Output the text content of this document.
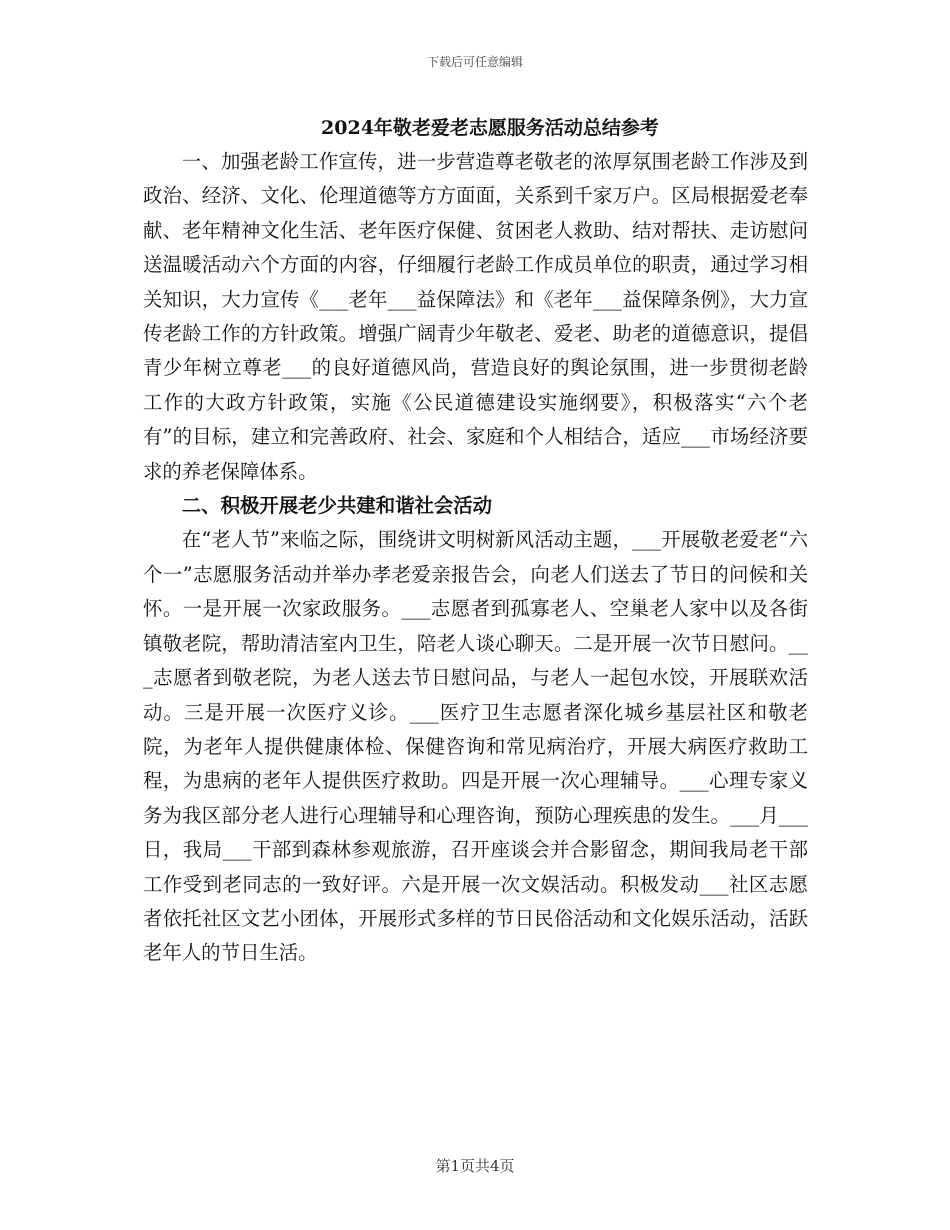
下载后可任意编辑
2024年敬老爱老志愿服务活动总结参考

一、加强老龄工作宣传，进一步营造尊老敬老的浓厚氛围老龄工作涉及到政治、经济、文化、伦理道德等方方面面，关系到千家万户。区局根据爱老奉献、老年精神文化生活、老年医疗保健、贫困老人救助、结对帮扶、走访慰问送温暖活动六个方面的内容，仔细履行老龄工作成员单位的职责，通过学习相关知识，大力宣传《___老年___益保障法》和《老年___益保障条例》，大力宣传老龄工作的方针政策。增强广阔青少年敬老、爱老、助老的道德意识，提倡青少年树立尊老___的良好道德风尚，营造良好的舆论氛围，进一步贯彻老龄工作的大政方针政策，实施《公民道德建设实施纲要》，积极落实“六个老有”的目标，建立和完善政府、社会、家庭和个人相结合，适应___市场经济要求的养老保障体系。

二、积极开展老少共建和谐社会活动

在“老人节”来临之际，围绕讲文明树新风活动主题，___开展敬老爱老“六个一”志愿服务活动并举办孝老爱亲报告会，向老人们送去了节日的问候和关怀。一是开展一次家政服务。___志愿者到孤寡老人、空巢老人家中以及各街镇敬老院，帮助清洁室内卫生，陪老人谈心聊天。二是开展一次节日慰问。___志愿者到敬老院，为老人送去节日慰问品，与老人一起包水饺，开展联欢活动。三是开展一次医疗义诊。___医疗卫生志愿者深化城乡基层社区和敬老院，为老年人提供健康体检、保健咨询和常见病治疗，开展大病医疗救助工程，为患病的老年人提供医疗救助。四是开展一次心理辅导。___心理专家义务为我区部分老人进行心理辅导和心理咨询，预防心理疾患的发生。___月___日，我局___干部到森林参观旅游，召开座谈会并合影留念，期间我局老干部工作受到老同志的一致好评。六是开展一次文娱活动。积极发动___社区志愿者依托社区文艺小团体，开展形式多样的节日民俗活动和文化娱乐活动，活跃老年人的节日生活。

第1页共4页
